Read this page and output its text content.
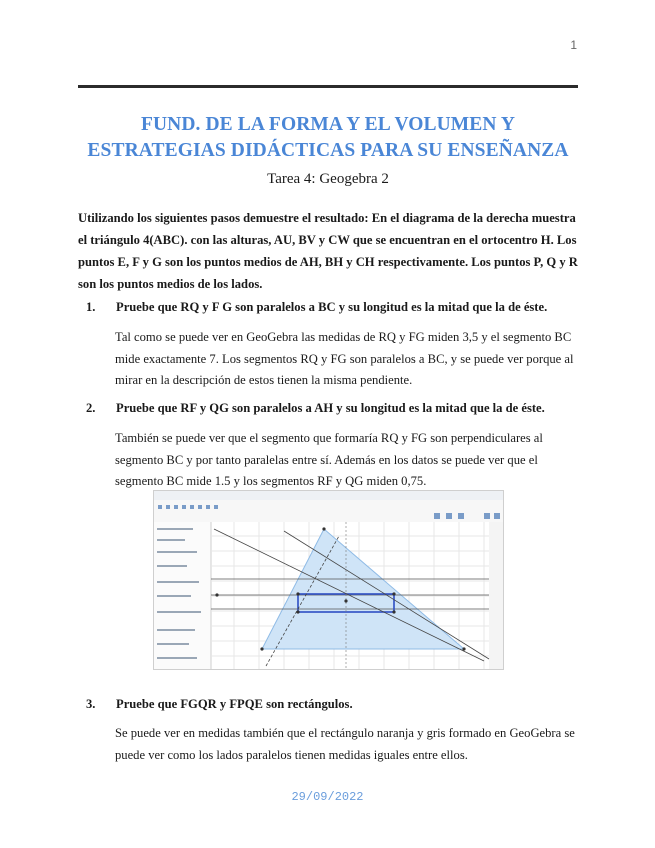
1
FUND. DE LA FORMA Y EL VOLUMEN Y
ESTRATEGIAS DIDÁCTICAS PARA SU ENSEÑANZA
Tarea 4: Geogebra 2
Utilizando los siguientes pasos demuestre el resultado: En el diagrama de la derecha muestra el triángulo 4(ABC). con las alturas, AU, BV y CW que se encuentran en el ortocentro H. Los puntos E, F y G son los puntos medios de AH, BH y CH respectivamente. Los puntos P, Q y R son los puntos medios de los lados.
1. Pruebe que RQ y F G son paralelos a BC y su longitud es la mitad que la de éste.
Tal como se puede ver en GeoGebra las medidas de RQ y FG miden 3,5 y el segmento BC mide exactamente 7. Los segmentos RQ y FG son paralelos a BC, y se puede ver porque al mirar en la descripción de estos tienen la misma pendiente.
2. Pruebe que RF y QG son paralelos a AH y su longitud es la mitad que la de éste.
También se puede ver que el segmento que formaría RQ y FG son perpendiculares al segmento BC y por tanto paralelas entre sí. Además en los datos se puede ver que el segmento BC mide 1.5 y los segmentos RF y QG miden 0,75.
3. Pruebe que FGQR y FPQE son rectángulos.
Se puede ver en medidas también que el rectángulo naranja y gris formado en GeoGebra se puede ver como los lados paralelos tienen medidas iguales entre ellos.
29/09/2022
